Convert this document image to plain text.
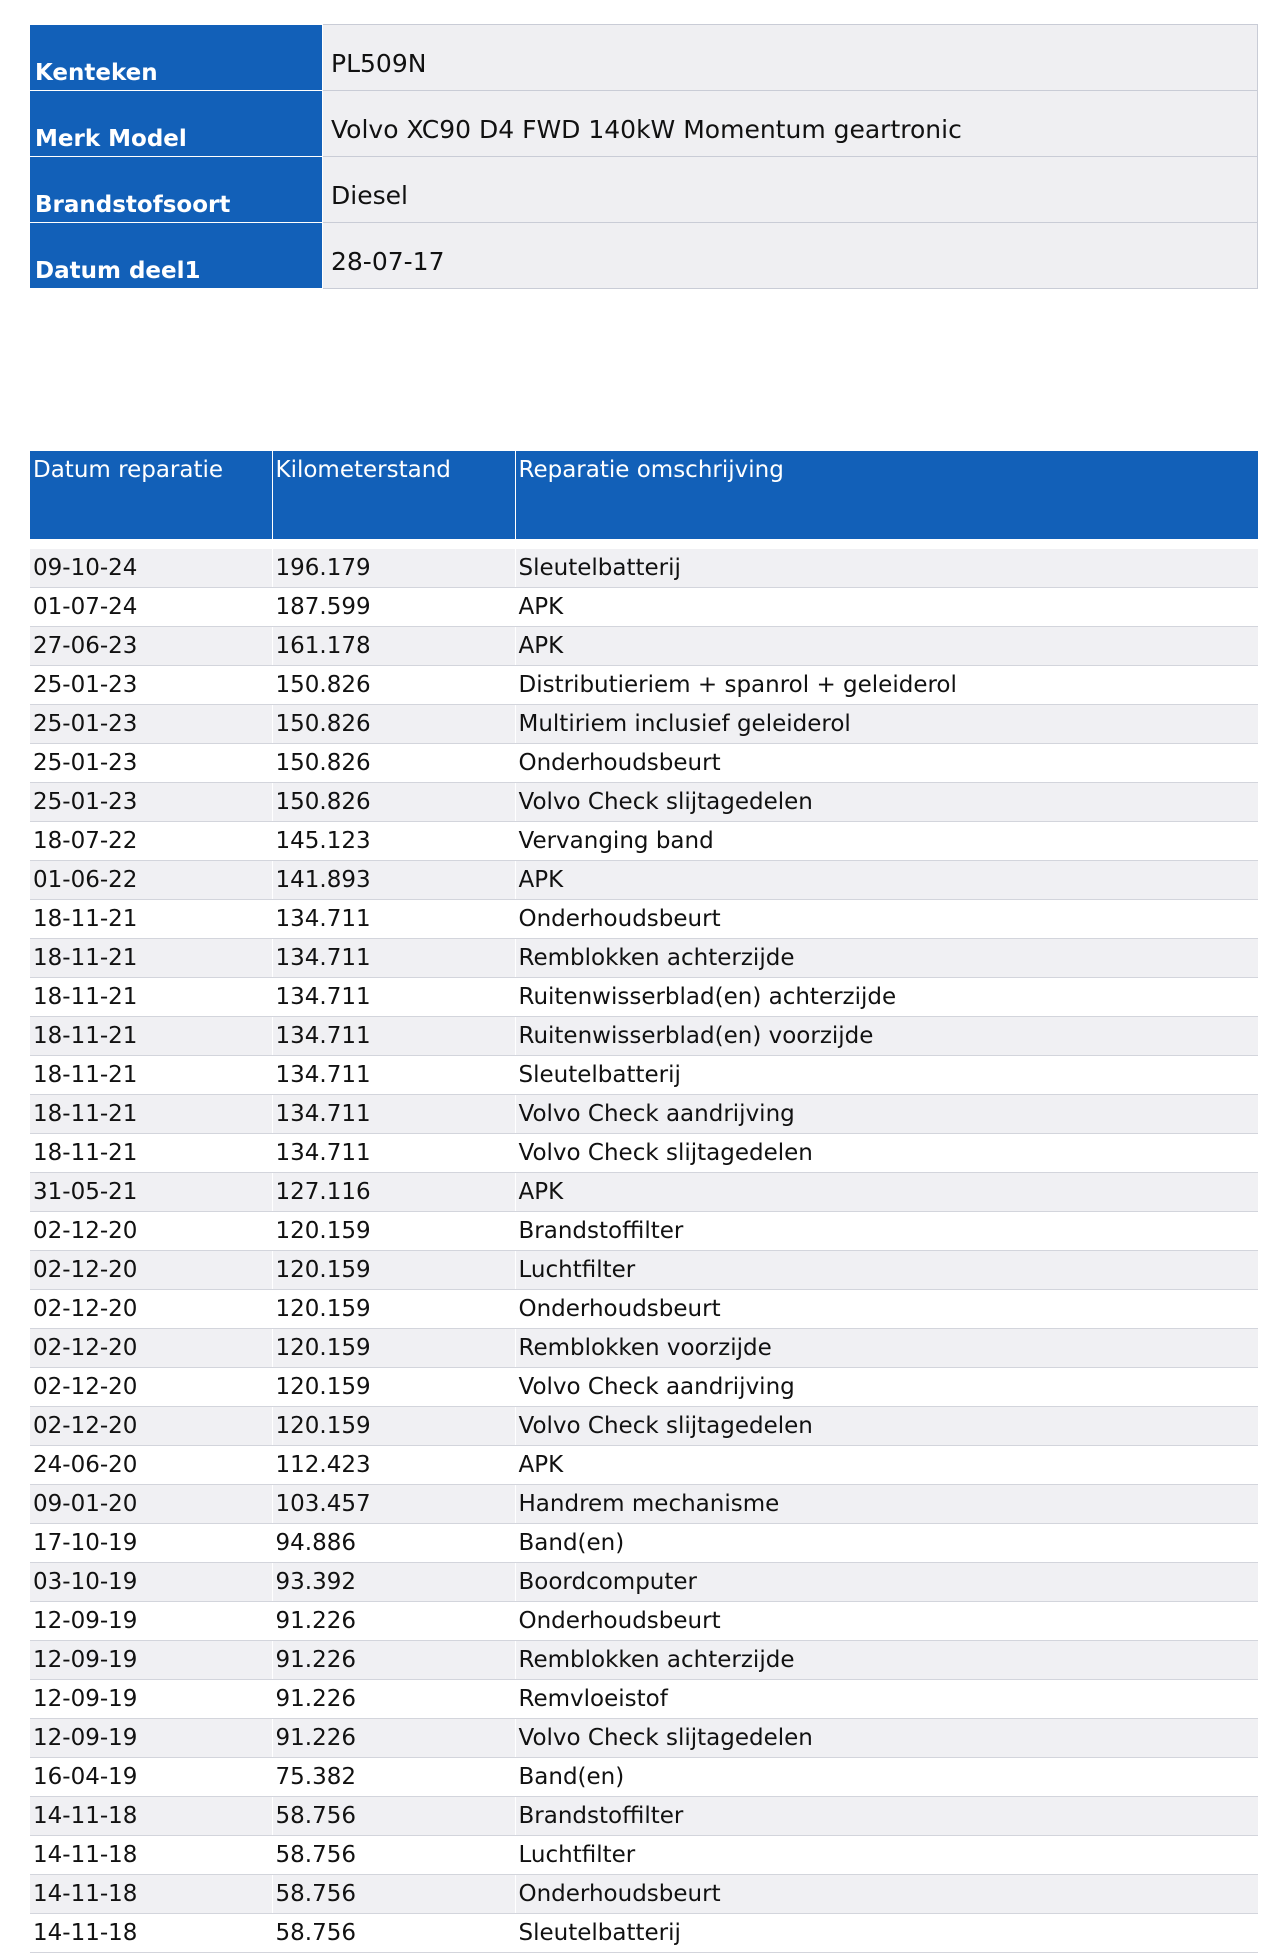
Kenteken	PL509N
Merk Model	Volvo XC90 D4 FWD 140kW Momentum geartronic
Brandstofsoort	Diesel
Datum deel1	28-07-17
Datum reparatie	Kilometerstand	Reparatie omschrijving

09-10-24	196.179	Sleutelbatterij
01-07-24	187.599	APK
27-06-23	161.178	APK
25-01-23	150.826	Distributieriem + spanrol + geleiderol
25-01-23	150.826	Multiriem inclusief geleiderol
25-01-23	150.826	Onderhoudsbeurt
25-01-23	150.826	Volvo Check slijtagedelen
18-07-22	145.123	Vervanging band
01-06-22	141.893	APK
18-11-21	134.711	Onderhoudsbeurt
18-11-21	134.711	Remblokken achterzijde
18-11-21	134.711	Ruitenwisserblad(en) achterzijde
18-11-21	134.711	Ruitenwisserblad(en) voorzijde
18-11-21	134.711	Sleutelbatterij
18-11-21	134.711	Volvo Check aandrijving
18-11-21	134.711	Volvo Check slijtagedelen
31-05-21	127.116	APK
02-12-20	120.159	Brandstoffilter
02-12-20	120.159	Luchtfilter
02-12-20	120.159	Onderhoudsbeurt
02-12-20	120.159	Remblokken voorzijde
02-12-20	120.159	Volvo Check aandrijving
02-12-20	120.159	Volvo Check slijtagedelen
24-06-20	112.423	APK
09-01-20	103.457	Handrem mechanisme
17-10-19	94.886	Band(en)
03-10-19	93.392	Boordcomputer
12-09-19	91.226	Onderhoudsbeurt
12-09-19	91.226	Remblokken achterzijde
12-09-19	91.226	Remvloeistof
12-09-19	91.226	Volvo Check slijtagedelen
16-04-19	75.382	Band(en)
14-11-18	58.756	Brandstoffilter
14-11-18	58.756	Luchtfilter
14-11-18	58.756	Onderhoudsbeurt
14-11-18	58.756	Sleutelbatterij
